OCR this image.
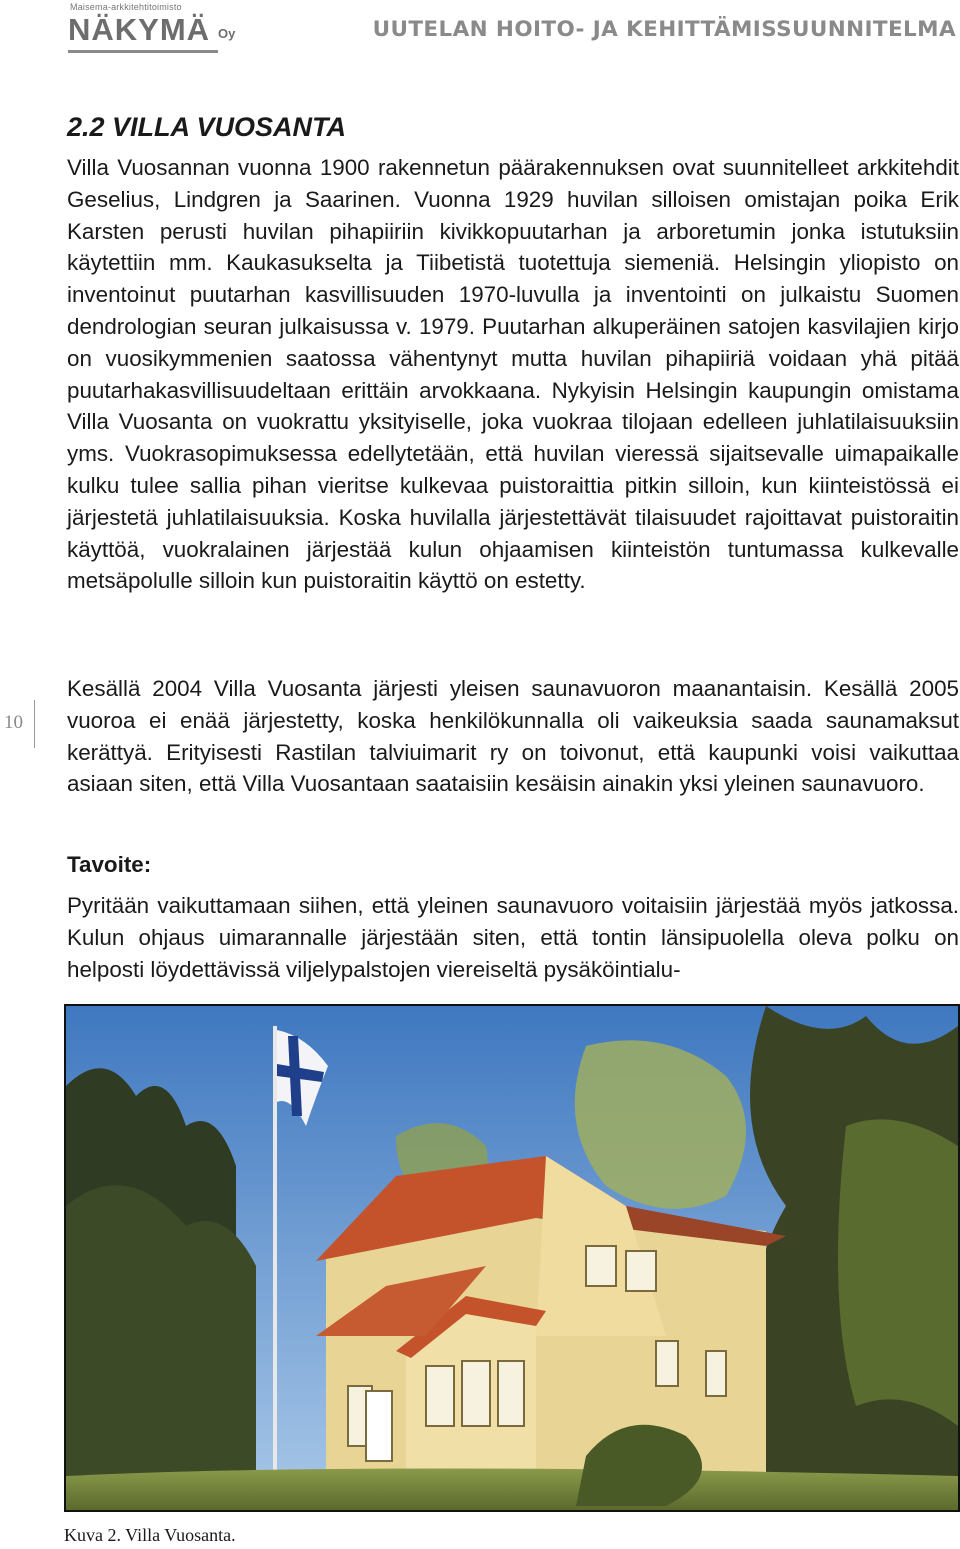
Maisema-arkkitehtitoimisto
NÄKYMÄ Oy	UUTELAN HOITO- JA KEHITTÄMISSUUNNITELMA
10
2.2 VILLA VUOSANTA

Villa Vuosannan vuonna 1900 rakennetun päärakennuksen ovat suunnitelleet arkkitehdit Geselius, Lindgren ja Saarinen. Vuonna 1929 huvilan silloisen omistajan poika Erik Karsten perusti huvilan pihapiiriin kivikkopuutarhan ja arboretumin jonka istutuksiin käytettiin mm. Kaukasukselta ja Tiibetistä tuotettuja siemeniä. Helsingin yliopisto on inventoinut puutarhan kasvillisuuden 1970-luvulla ja inventointi on julkaistu Suomen dendrologian seuran julkaisussa v. 1979. Puutarhan alkuperäinen satojen kasvilajien kirjo on vuosikymmenien saatossa vähentynyt mutta huvilan pihapiiriä voidaan yhä pitää puutarhakasvillisuudeltaan erittäin arvokkaana. Nykyisin Helsingin kaupungin omistama Villa Vuosanta on vuokrattu yksityiselle, joka vuokraa tilojaan edelleen juhlatilaisuuksiin yms. Vuokrasopimuksessa edellytetään, että huvilan vieressä sijaitsevalle uimapaikalle kulku tulee sallia pihan vieritse kulkevaa puistoraittia pitkin silloin, kun kiinteistössä ei järjestetä juhlatilaisuuksia. Koska huvilalla järjestettävät tilaisuudet rajoittavat puistoraitin käyttöä, vuokralainen järjestää kulun ohjaamisen kiinteistön tuntumassa kulkevalle metsäpolulle silloin kun puistoraitin käyttö on estetty.

Kesällä 2004 Villa Vuosanta järjesti yleisen saunavuoron maanantaisin. Kesällä 2005 vuoroa ei enää järjestetty, koska henkilökunnalla oli vaikeuksia saada saunamaksut kerättyä. Erityisesti Rastilan talviuimarit ry on toivonut, että kaupunki voisi vaikuttaa asiaan siten, että Villa Vuosantaan saataisiin kesäisin ainakin yksi yleinen saunavuoro.

Tavoite:

Pyritään vaikuttamaan siihen, että yleinen saunavuoro voitaisiin järjestää myös jatkossa. Kulun ohjaus uimarannalle järjestään siten, että tontin länsipuolella oleva polku on helposti löydettävissä viljelypalstojen viereiseltä pysäköintialu-

Kuva 2. Villa Vuosanta.
